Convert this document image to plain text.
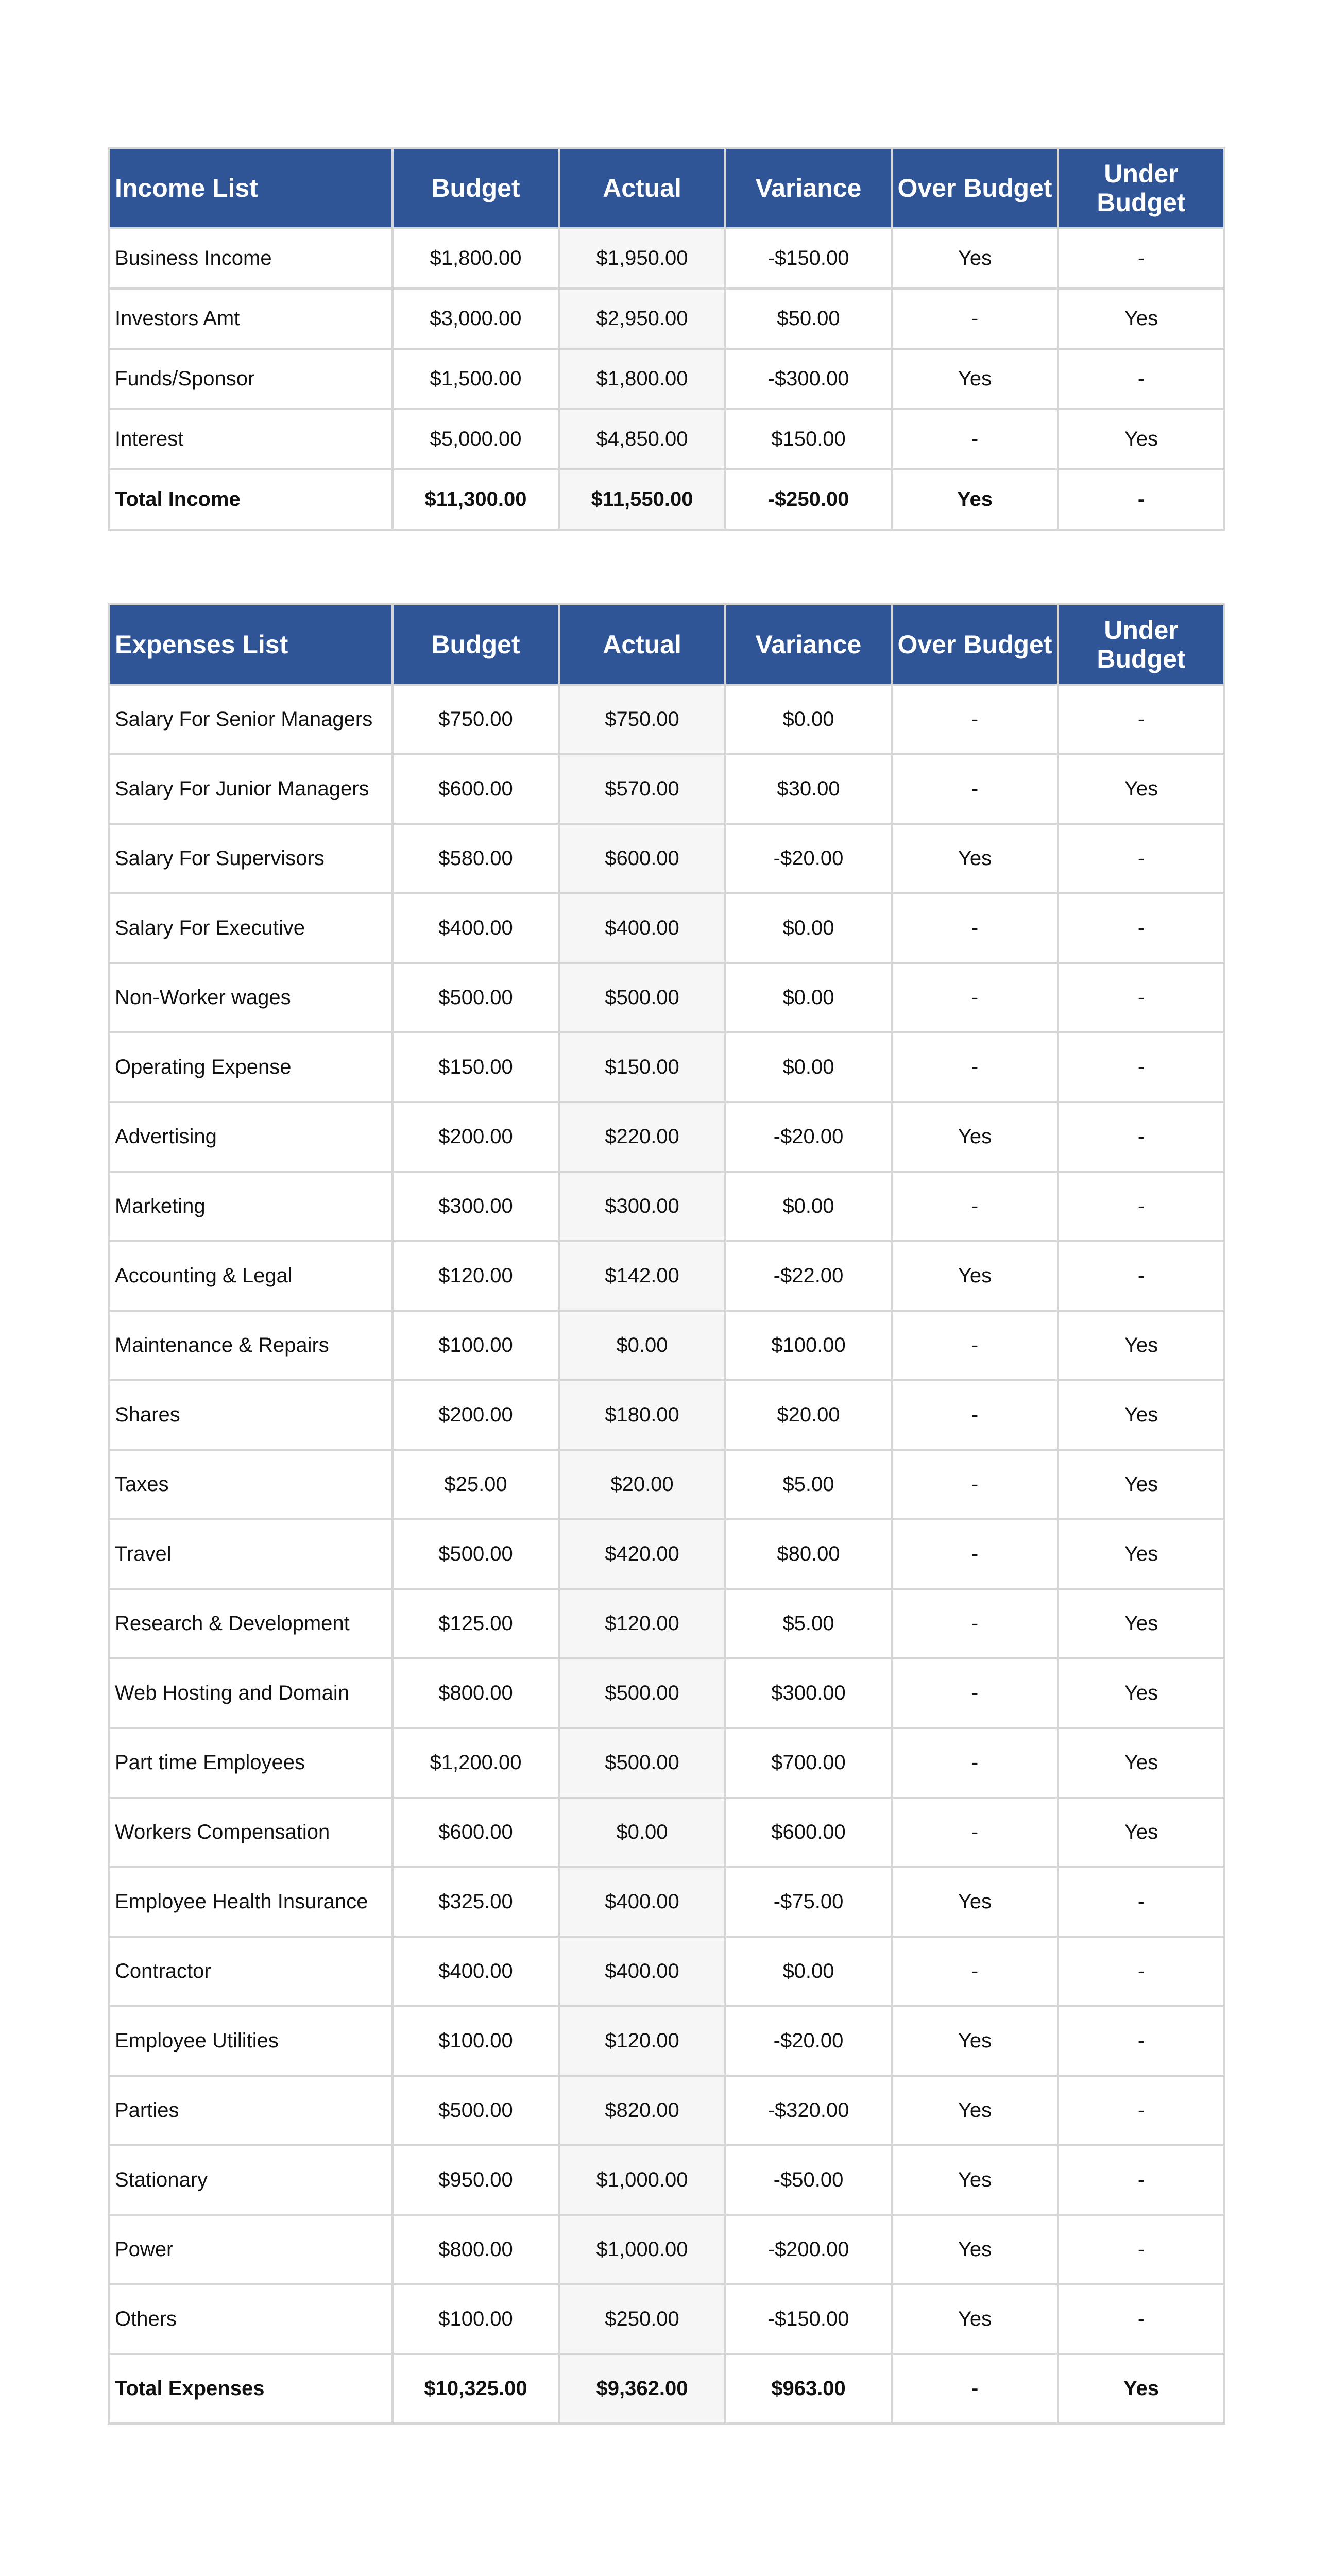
Income List	Budget	Actual	Variance	Over Budget	Under Budget
Business Income	$1,800.00	$1,950.00	-$150.00	Yes	-
Investors Amt	$3,000.00	$2,950.00	$50.00	-	Yes
Funds/Sponsor	$1,500.00	$1,800.00	-$300.00	Yes	-
Interest	$5,000.00	$4,850.00	$150.00	-	Yes
Total Income	$11,300.00	$11,550.00	-$250.00	Yes	-
Expenses List	Budget	Actual	Variance	Over Budget	Under Budget
Salary For Senior Managers	$750.00	$750.00	$0.00	-	-
Salary For Junior Managers	$600.00	$570.00	$30.00	-	Yes
Salary For Supervisors	$580.00	$600.00	-$20.00	Yes	-
Salary For Executive	$400.00	$400.00	$0.00	-	-
Non-Worker wages	$500.00	$500.00	$0.00	-	-
Operating Expense	$150.00	$150.00	$0.00	-	-
Advertising	$200.00	$220.00	-$20.00	Yes	-
Marketing	$300.00	$300.00	$0.00	-	-
Accounting & Legal	$120.00	$142.00	-$22.00	Yes	-
Maintenance & Repairs	$100.00	$0.00	$100.00	-	Yes
Shares	$200.00	$180.00	$20.00	-	Yes
Taxes	$25.00	$20.00	$5.00	-	Yes
Travel	$500.00	$420.00	$80.00	-	Yes
Research & Development	$125.00	$120.00	$5.00	-	Yes
Web Hosting and Domain	$800.00	$500.00	$300.00	-	Yes
Part time Employees	$1,200.00	$500.00	$700.00	-	Yes
Workers Compensation	$600.00	$0.00	$600.00	-	Yes
Employee Health Insurance	$325.00	$400.00	-$75.00	Yes	-
Contractor	$400.00	$400.00	$0.00	-	-
Employee Utilities	$100.00	$120.00	-$20.00	Yes	-
Parties	$500.00	$820.00	-$320.00	Yes	-
Stationary	$950.00	$1,000.00	-$50.00	Yes	-
Power	$800.00	$1,000.00	-$200.00	Yes	-
Others	$100.00	$250.00	-$150.00	Yes	-
Total Expenses	$10,325.00	$9,362.00	$963.00	-	Yes
